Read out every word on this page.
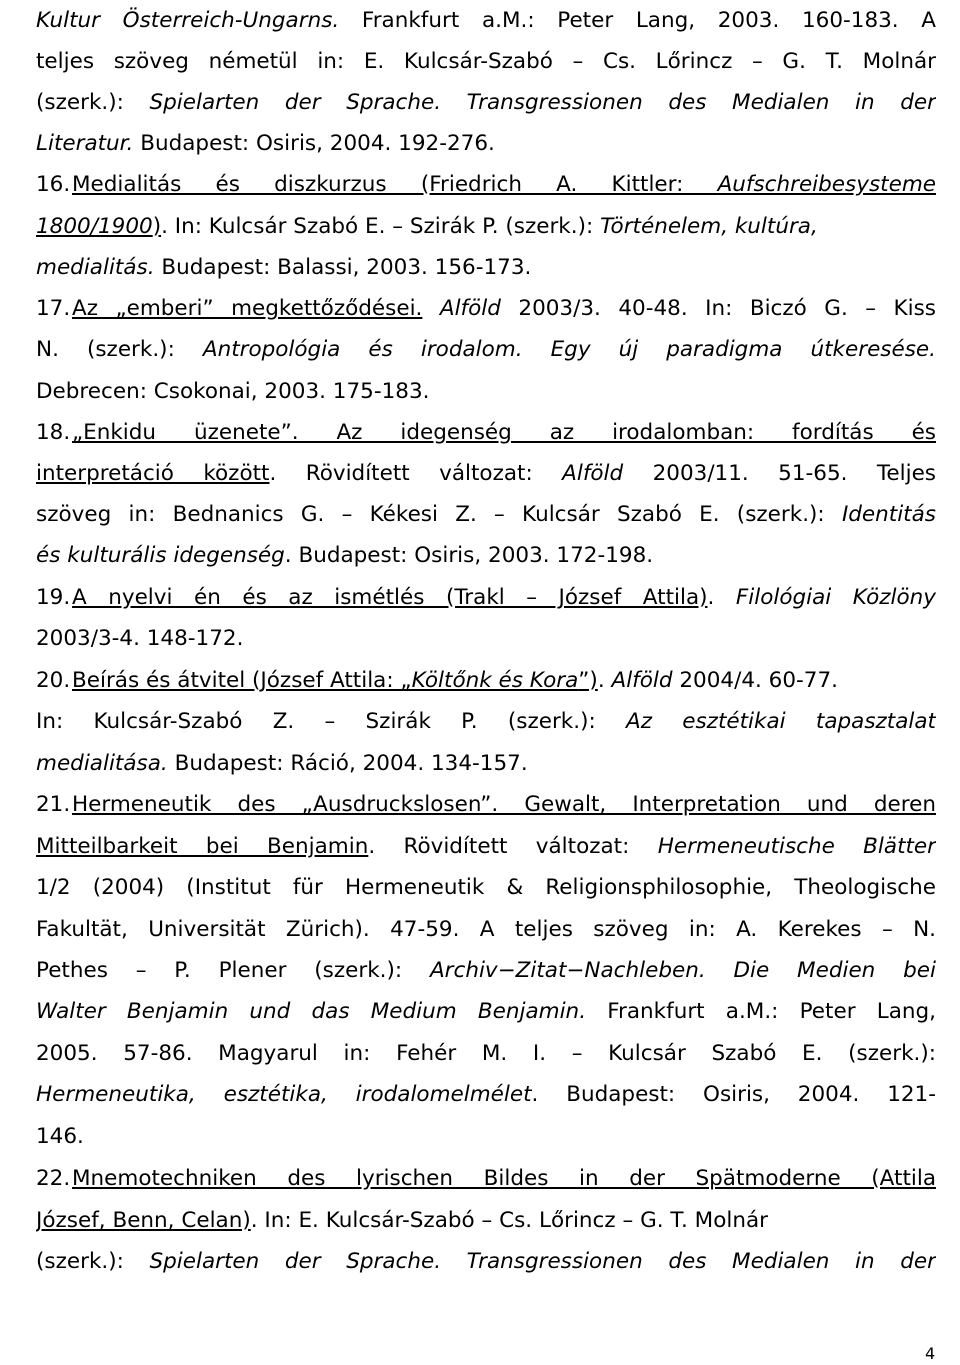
Kultur Österreich-Ungarns. Frankfurt a.M.: Peter Lang, 2003. 160-183. A
teljes szöveg németül in: E. Kulcsár-Szabó – Cs. Lőrincz – G. T. Molnár
(szerk.): Spielarten der Sprache. Transgressionen des Medialen in der
Literatur. Budapest: Osiris, 2004. 192-276.
16. Medialitás és diszkurzus (Friedrich A. Kittler: Aufschreibesysteme
1800/1900). In: Kulcsár Szabó E. – Szirák P. (szerk.): Történelem, kultúra,
medialitás. Budapest: Balassi, 2003. 156-173.
17. Az „emberi” megkettőződései. Alföld 2003/3. 40-48. In: Biczó G. – Kiss
N. (szerk.): Antropológia és irodalom. Egy új paradigma útkeresése.
Debrecen: Csokonai, 2003. 175-183.
18. „Enkidu üzenete”. Az idegenség az irodalomban: fordítás és
interpretáció között. Rövidített változat: Alföld 2003/11. 51-65. Teljes
szöveg in: Bednanics G. – Kékesi Z. – Kulcsár Szabó E. (szerk.): Identitás
és kulturális idegenség. Budapest: Osiris, 2003. 172-198.
19. A nyelvi én és az ismétlés (Trakl – József Attila). Filológiai Közlöny
2003/3-4. 148-172.
20. Beírás és átvitel (József Attila: „Költőnk és Kora”). Alföld 2004/4. 60-77.
In: Kulcsár-Szabó Z. – Szirák P. (szerk.): Az esztétikai tapasztalat
medialitása. Budapest: Ráció, 2004. 134-157.
21. Hermeneutik des „Ausdruckslosen”. Gewalt, Interpretation und deren
Mitteilbarkeit bei Benjamin. Rövidített változat: Hermeneutische Blätter
1/2 (2004) (Institut für Hermeneutik & Religionsphilosophie, Theologische
Fakultät, Universität Zürich). 47-59. A teljes szöveg in: A. Kerekes – N.
Pethes – P. Plener (szerk.): Archiv−Zitat−Nachleben. Die Medien bei
Walter Benjamin und das Medium Benjamin. Frankfurt a.M.: Peter Lang,
2005. 57-86. Magyarul in: Fehér M. I. – Kulcsár Szabó E. (szerk.):
Hermeneutika, esztétika, irodalomelmélet. Budapest: Osiris, 2004. 121-
146.
22. Mnemotechniken des lyrischen Bildes in der Spätmoderne (Attila
József, Benn, Celan). In: E. Kulcsár-Szabó – Cs. Lőrincz – G. T. Molnár
(szerk.): Spielarten der Sprache. Transgressionen des Medialen in der
4
